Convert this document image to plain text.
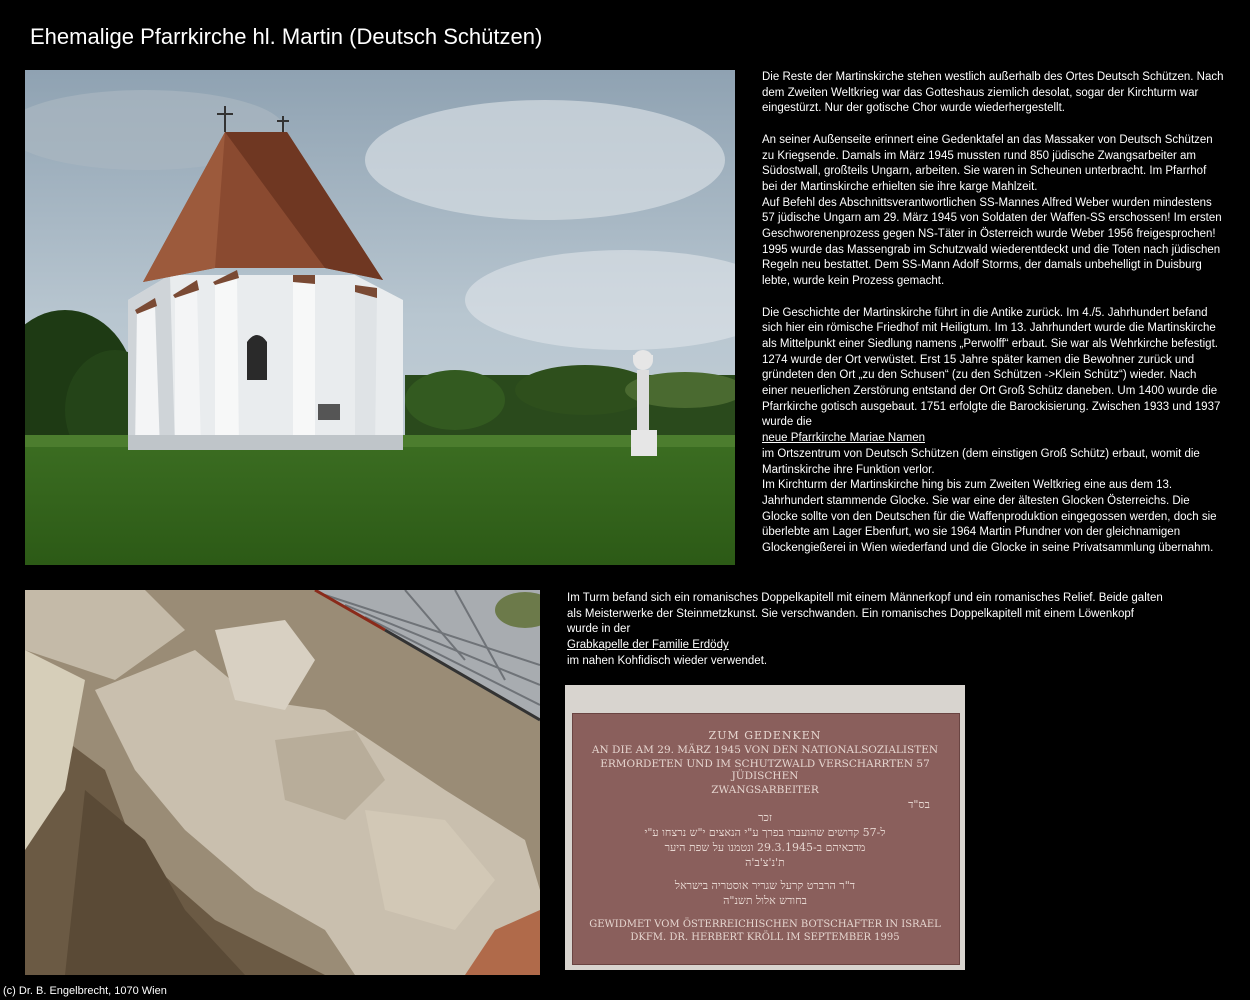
Ehemalige Pfarrkirche hl. Martin (Deutsch Schützen)
ZUM GEDENKEN
AN DIE AM 29. MÄRZ 1945 VON DEN NATIONALSOZIALISTEN
ERMORDETEN UND IM SCHUTZWALD VERSCHARRTEN 57 JÜDISCHEN
ZWANGSARBEITER
בס"ד
זכר
ל-57 קדושים שהועברו בפרך ע"י הנאצים י"ש נרצחו ע"י
מדכאיהם ב-29.3.1945 ונטמנו על שפת היער
ת'נ'צ'ב'ה
ד"ר הרברט קרעל שגריר אוסטריה בישראל
בחודש אלול תשנ"ה
GEWIDMET VOM ÖSTERREICHISCHEN BOTSCHAFTER IN ISRAEL
DKFM. DR. HERBERT KRÖLL IM SEPTEMBER 1995

Die Reste der Martinskirche stehen westlich außerhalb des Ortes Deutsch Schützen. Nach dem Zweiten Weltkrieg war das Gotteshaus ziemlich desolat, sogar der Kirchturm war eingestürzt. Nur der gotische Chor wurde wiederhergestellt.

An seiner Außenseite erinnert eine Gedenktafel an das Massaker von Deutsch Schützen zu Kriegsende. Damals im März 1945 mussten rund 850 jüdische Zwangsarbeiter am Südostwall, großteils Ungarn, arbeiten. Sie waren in Scheunen unterbracht. Im Pfarrhof bei der Martinskirche erhielten sie ihre karge Mahlzeit.

Auf Befehl des Abschnittsverantwortlichen SS-Mannes Alfred Weber wurden mindestens 57 jüdische Ungarn am 29. März 1945 von Soldaten der Waffen-SS erschossen! Im ersten Geschworenenprozess gegen NS-Täter in Österreich wurde Weber 1956 freigesprochen! 1995 wurde das Massengrab im Schutzwald wiederentdeckt und die Toten nach jüdischen Regeln neu bestattet. Dem SS-Mann Adolf Storms, der damals unbehelligt in Duisburg lebte, wurde kein Prozess gemacht.

Die Geschichte der Martinskirche führt in die Antike zurück. Im 4./5. Jahrhundert befand sich hier ein römische Friedhof mit Heiligtum. Im 13. Jahrhundert wurde die Martinskirche als Mittelpunkt einer Siedlung namens „Perwolff“ erbaut. Sie war als Wehrkirche befestigt. 1274 wurde der Ort verwüstet. Erst 15 Jahre später kamen die Bewohner zurück und gründeten den Ort „zu den Schusen“ (zu den Schützen ->Klein Schütz“) wieder. Nach einer neuerlichen Zerstörung entstand der Ort Groß Schütz daneben. Um 1400 wurde die Pfarrkirche gotisch ausgebaut. 1751 erfolgte die Barockisierung. Zwischen 1933 und 1937 wurde die

neue Pfarrkirche Mariae Namen

im Ortszentrum von Deutsch Schützen (dem einstigen Groß Schütz) erbaut, womit die Martinskirche ihre Funktion verlor.

Im Kirchturm der Martinskirche hing bis zum Zweiten Weltkrieg eine aus dem 13. Jahrhundert stammende Glocke. Sie war eine der ältesten Glocken Österreichs. Die Glocke sollte von den Deutschen für die Waffenproduktion eingegossen werden, doch sie überlebte am Lager Ebenfurt, wo sie 1964 Martin Pfundner von der gleichnamigen Glockengießerei in Wien wiederfand und die Glocke in seine Privatsammlung übernahm.

Im Turm befand sich ein romanisches Doppelkapitell mit einem Männerkopf und ein romanisches Relief. Beide galten als Meisterwerke der Steinmetzkunst. Sie verschwanden. Ein romanisches Doppelkapitell mit einem Löwenkopf wurde in der

Grabkapelle der Familie Erdödy

im nahen Kohfidisch wieder verwendet.

(c) Dr. B. Engelbrecht, 1070 Wien
